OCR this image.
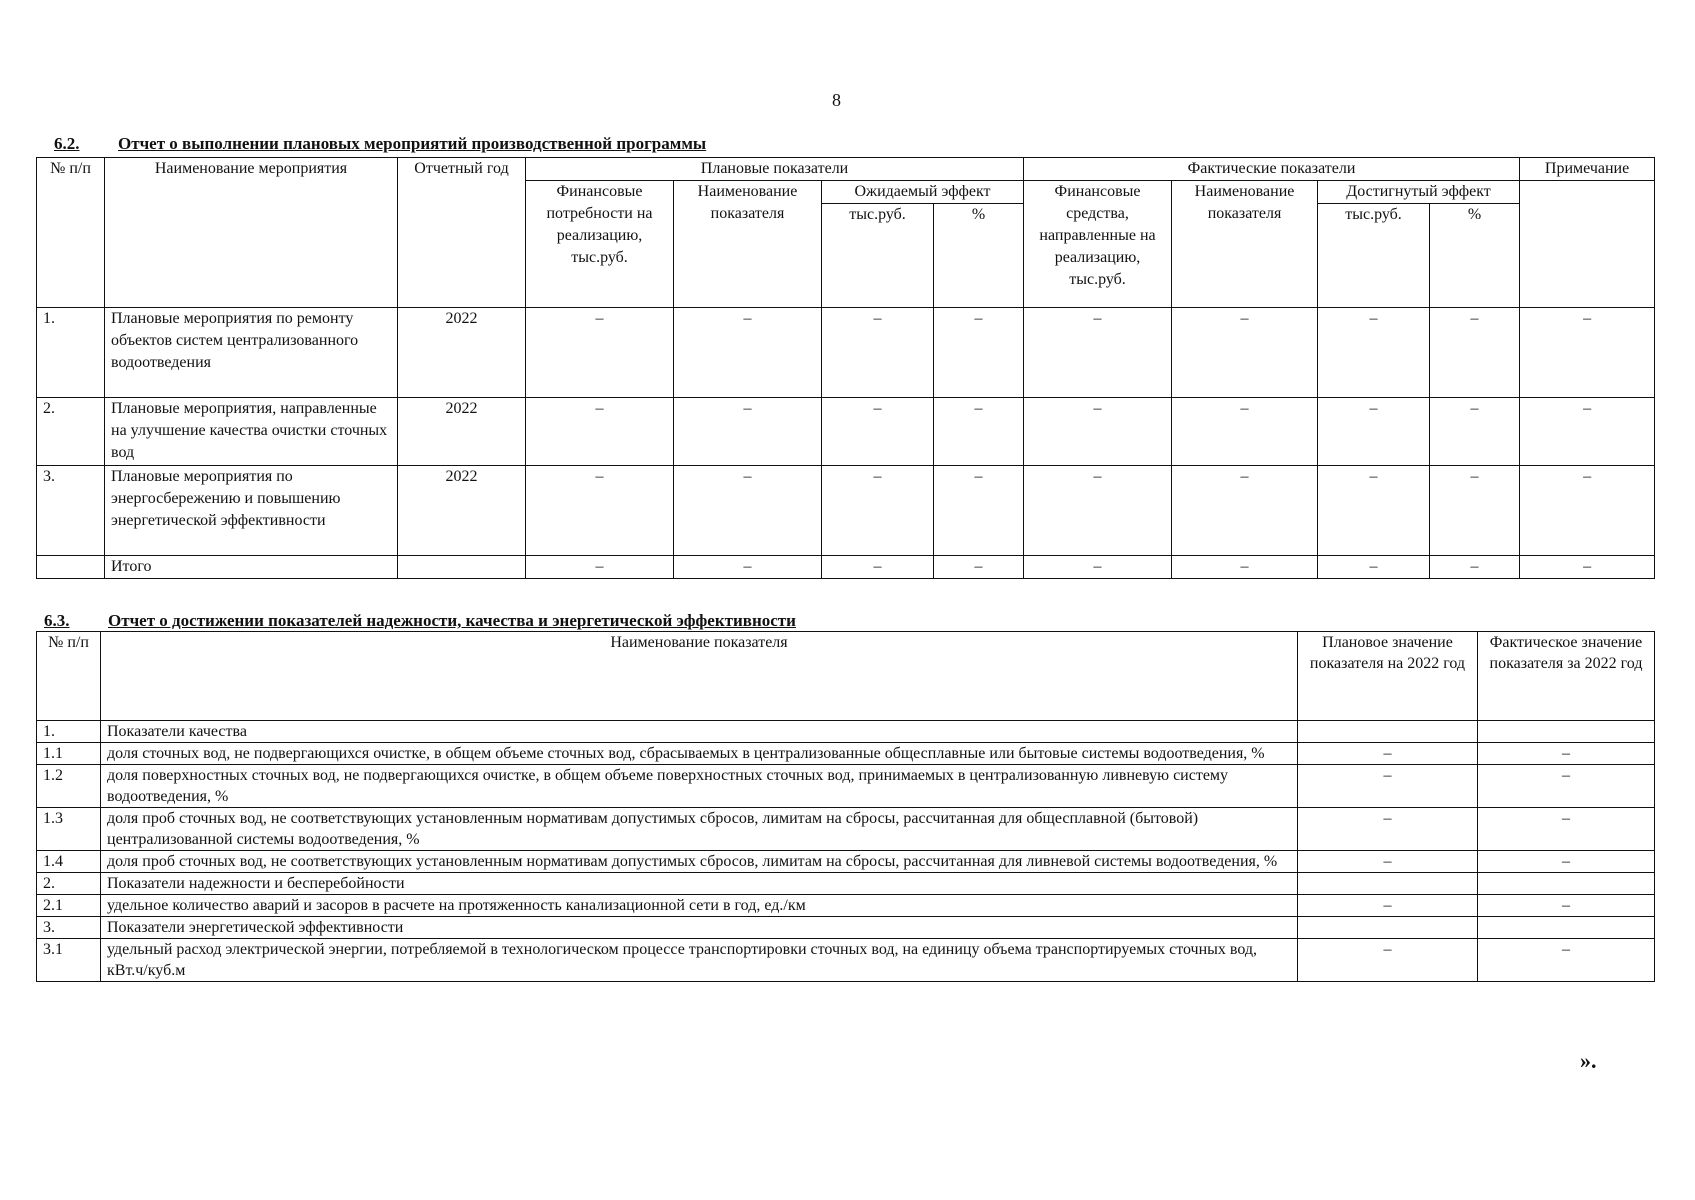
8
6.2. Отчет о выполнении плановых мероприятий производственной программы
№ п/п	Наименование мероприятия	Отчетный год	Плановые показатели				Фактические показатели				Примечание
			Финансовые потребности на реализацию, тыс.руб.	Наименование показателя	Ожидаемый эффект		Финансовые средства, направленные на реализацию, тыс.руб.	Наименование показателя	Достигнутый эффект		
					тыс.руб.	%			тыс.руб.	%	
1.	Плановые мероприятия по ремонту объектов систем централизованного водоотведения	2022	–	–	–	–	–	–	–	–	–
2.	Плановые мероприятия, направленные на улучшение качества очистки сточных вод	2022	–	–	–	–	–	–	–	–	–
3.	Плановые мероприятия по энергосбережению и повышению энергетической эффективности	2022	–	–	–	–	–	–	–	–	–
	Итого		–	–	–	–	–	–	–	–	–
6.3. Отчет о достижении показателей надежности, качества и энергетической эффективности
№ п/п	Наименование показателя	Плановое значение показателя на 2022 год	Фактическое значение показателя за 2022 год
1.	Показатели качества		
1.1	доля сточных вод, не подвергающихся очистке, в общем объеме сточных вод, сбрасываемых в централизованные общесплавные или бытовые системы водоотведения, %	–	–
1.2	доля поверхностных сточных вод, не подвергающихся очистке, в общем объеме поверхностных сточных вод, принимаемых в централизованную ливневую систему водоотведения, %	–	–
1.3	доля проб сточных вод, не соответствующих установленным нормативам допустимых сбросов, лимитам на сбросы, рассчитанная для общесплавной (бытовой) централизованной системы водоотведения, %	–	–
1.4	доля проб сточных вод, не соответствующих установленным нормативам допустимых сбросов, лимитам на сбросы, рассчитанная для ливневой системы водоотведения, %	–	–
2.	Показатели надежности и бесперебойности		
2.1	удельное количество аварий и засоров в расчете на протяженность канализационной сети в год, ед./км	–	–
3.	Показатели энергетической эффективности		
3.1	удельный расход электрической энергии, потребляемой в технологическом процессе транспортировки сточных вод, на единицу объема транспортируемых сточных вод, кВт.ч/куб.м	–	–
».
